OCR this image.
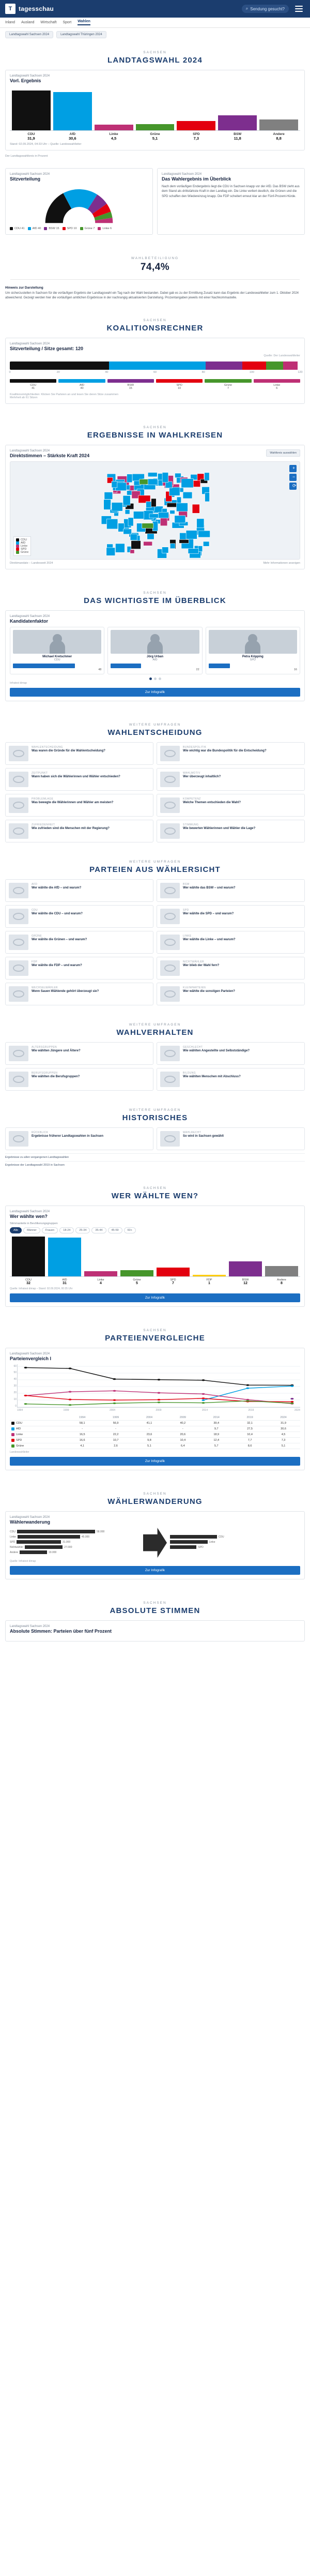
T	tagesschau	⌕ Sendung gesucht?
Inland Ausland Wirtschaft Sport Wahlen
Landtagswahl Sachsen 2024	Landtagswahl Thüringen 2024
SACHSEN
LANDTAGSWAHL 2024
Landtagswahl Sachsen 2024
Vorl. Ergebnis
CDU
31,9
AfD
30,6
Linke
4,5
Grüne
5,1
SPD
7,3
BSW
11,8
Andere
8,8
Stand: 02.09.2024, 04:33 Uhr – Quelle: Landeswahlleiter
Der Landtagswahlkreis in Prozent
Landtagswahl Sachsen 2024
Sitzverteilung
CDU 41	AfD 40	BSW 15	SPD 10	Grüne 7	Linke 6
Landtagswahl Sachsen 2024
Das Wahlergebnis im Überblick
Nach dem vorläufigen Endergebnis liegt die CDU in Sachsen knapp vor der AfD. Das BSW zieht aus dem Stand als drittstärkste Kraft in den Landtag ein. Die Linke verliert deutlich, die Grünen und die SPD schaffen den Wiedereinzug knapp. Die FDP scheitert erneut klar an der Fünf-Prozent-Hürde.
WAHLBETEILIGUNG
74,4%
Hinweis zur Darstellung
Um sicherzustellen in Sachsen für die vorläufigen Ergebnis der Landtagswahl ein Tag nach der Wahl bestanden. Dabei gab es zu der Ermittlung Zusatz kann das Ergebnis der Landeswahlleiter zum 1. Oktober 2024 abweichend. Gezeigt werden hier die vorläufigen amtlichen Ergebnisse in der nachrangig aktualisierten Darstellung. Prozentangaben jeweils mit einer Nachkommastelle.
SACHSEN
KOALITIONSRECHNER
Landtagswahl Sachsen 2024
Sitzverteilung / Sitze gesamt: 120
Quelle: Der Landeswahlleiter
0	20	40	60	80	100	120
CDU
41
AfD
40
BSW
15
SPD
10
Grüne
7
Linke
6
Koalitionsmöglichkeiten: Klicken Sie Parteien an und lesen Sie deren Sitze zusammen
Mehrheit ab 61 Sitzen
SACHSEN
ERGEBNISSE IN WAHLKREISEN
Landtagswahl Sachsen 2024
Direktstimmen – Stärkste Kraft 2024	Wahlkreis auswählen
+
−
⟳
CDU
AfD
Linke
SPD
Grüne
Direktmandate – Landesweit 2024	Mehr Informationen anzeigen
SACHSEN
DAS WICHTIGSTE IM ÜBERBLICK
Landtagswahl Sachsen 2024
Kandidatenfaktor
Michael Kretschmer
CDU
48
Jörg Urban
AfD
22
Petra Köpping
SPD
16
Infratest dimap
Zur Infografik
WEITERE UMFRAGEN
WAHLENTSCHEIDUNG
WAHLENTSCHEIDUNG
Was waren die Gründe für die Wahlentscheidung?
BUNDESPOLITIK
Wie wichtig war die Bundespolitik für die Entscheidung?
ZEITPUNKT
Wann haben sich die Wählerinnen und Wähler entschieden?
WAHLMOTIV
Wer überzeugt inhaltlich?
PROBLEMLAGE
Was bewegte die Wählerinnen und Wähler am meisten?
KOMPETENZ
Welche Themen entschieden die Wahl?
ZUFRIEDENHEIT
Wie zufrieden sind die Menschen mit der Regierung?
STIMMUNG
Wie bewerten Wählerinnen und Wähler die Lage?
WEITERE UMFRAGEN
PARTEIEN AUS WÄHLERSICHT
AFD
Wer wählte die AfD – und warum?
BSW
Wer wählte das BSW – und warum?
CDU
Wer wählte die CDU – und warum?
SPD
Wer wählte die SPD – und warum?
GRÜNE
Wer wählte die Grünen – und warum?
LINKE
Wer wählte die Linke – und warum?
FDP
Wer wählte die FDP – und warum?
NICHTWÄHLER
Wer blieb der Wahl fern?
WECHSELWÄHLER
Wenn Sauen Wählende gehört überzeugt sie?
KLEINPARTEIEN
Wer wählte die sonstigen Parteien?
WEITERE UMFRAGEN
WAHLVERHALTEN
ALTERSGRUPPEN
Wie wählten Jüngere und Ältere?
GESCHLECHT
Wie wählten Angestellte und Selbstständige?
BERUFSGRUPPEN
Wie wählten die Berufsgruppen?
BILDUNG
Wie wählten Menschen mit Abschluss?
WEITERE UMFRAGEN
HISTORISCHES
RÜCKBLICK
Ergebnisse früherer Landtagswahlen in Sachsen
WAHLRECHT
So wird in Sachsen gewählt
Ergebnisse zu allen vergangenen Landtagswahlen
Ergebnisse der Landtagswahl 2019 in Sachsen
SACHSEN
WER WÄHLTE WEN?
Landtagswahl Sachsen 2024
Wer wählte wen?
Stimmanteile in Bevölkerungsgruppen
Alle	Männer	Frauen	18-24	25-34	35-44	45-59	60+
CDU
32
AfD
31
Linke
4
Grüne
5
SPD
7
FDP
1
BSW
12
Andere
8
Quelle: Infratest dimap – Stand: 02.09.2024, 00:35 Uhr
Zur Infografik
SACHSEN
PARTEIENVERGLEICHE
Landtagswahl Sachsen 2024
Parteienvergleich I
0
10
20
30
40
50
60
1994	1999	2004	2009	2014	2019	2024
	1994	1999	2004	2009	2014	2019	2024

CDU	58,1	56,9	41,1	40,2	39,4	32,1	31,9

AfD	-	-	-	-	9,7	27,5	30,6

Linke	16,5	22,2	23,6	20,6	18,9	10,4	4,5

SPD	16,6	10,7	9,8	10,4	12,4	7,7	7,3

Grüne	4,1	2,6	5,1	6,4	5,7	8,6	5,1
Landeswahlleiter
Zur Infografik
SACHSEN
WÄHLERWANDERUNG
Landtagswahl Sachsen 2024
Wählerwanderung
CDU	58.000
Linke	45.000
SPD	31.000
Nichtwähler	27.000
Andere	19.000
CDU
Linke
SPD
Quelle: Infratest dimap
Zur Infografik
SACHSEN
ABSOLUTE STIMMEN
Landtagswahl Sachsen 2024
Absolute Stimmen: Parteien über fünf Prozent
